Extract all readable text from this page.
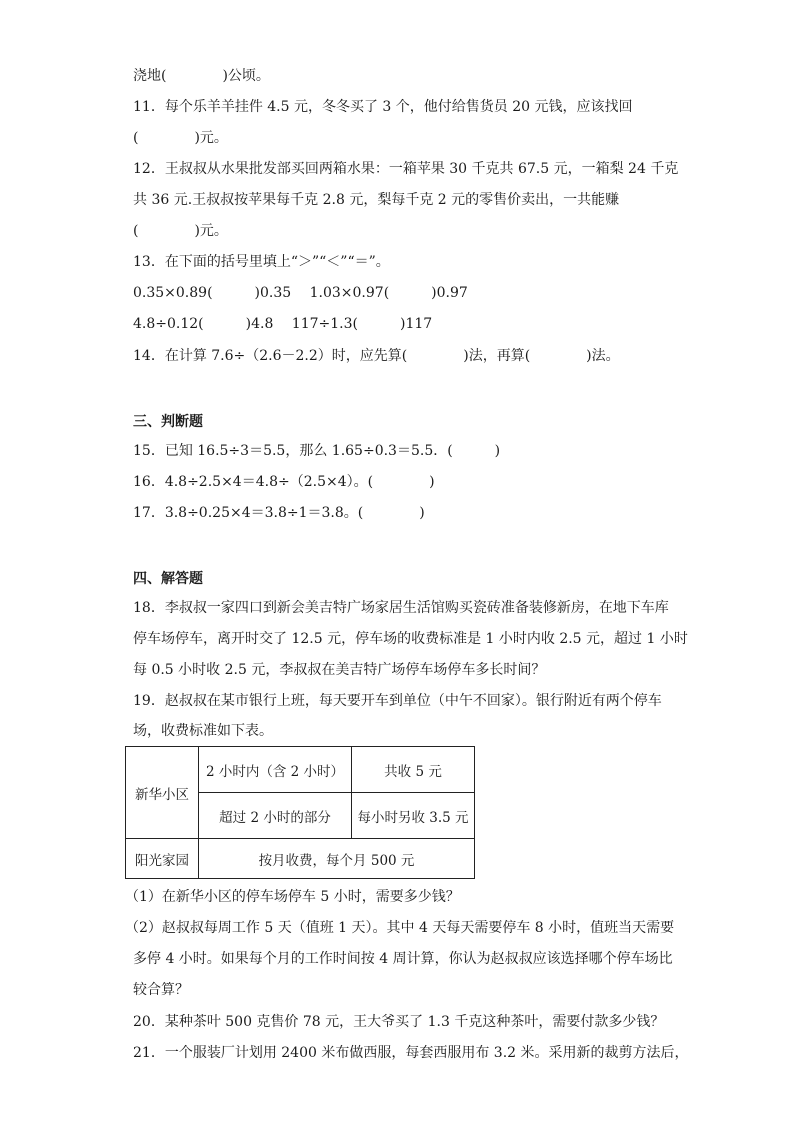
浇地(　　　　)公顷。
11．每个乐羊羊挂件 4.5 元，冬冬买了 3 个，他付给售货员 20 元钱，应该找回
(　　　　)元。
12．王叔叔从水果批发部买回两箱水果：一箱苹果 30 千克共 67.5 元，一箱梨 24 千克
共 36 元.王叔叔按苹果每千克 2.8 元，梨每千克 2 元的零售价卖出，一共能赚
(　　　　)元。
13．在下面的括号里填上“＞”“＜”“＝”。
0.35×0.89(　　　)0.35　 1.03×0.97(　　　)0.97
4.8÷0.12(　　　)4.8　 117÷1.3(　　　)117
14．在计算 7.6÷（2.6－2.2）时，应先算(　　　　)法，再算(　　　　)法。
三、判断题
15．已知 16.5÷3＝5.5，那么 1.65÷0.3＝5.5．(　　　)
16．4.8÷2.5×4＝4.8÷（2.5×4）。(　　　　)
17．3.8÷0.25×4＝3.8÷1＝3.8。(　　　　)
四、解答题
18．李叔叔一家四口到新会美吉特广场家居生活馆购买瓷砖准备装修新房，在地下车库
停车场停车，离开时交了 12.5 元，停车场的收费标准是 1 小时内收 2.5 元，超过 1 小时
每 0.5 小时收 2.5 元，李叔叔在美吉特广场停车场停车多长时间？
19．赵叔叔在某市银行上班，每天要开车到单位（中午不回家）。银行附近有两个停车
场，收费标准如下表。
新华小区	2 小时内（含 2 小时）	共收 5 元
	超过 2 小时的部分	每小时另收 3.5 元
阳光家园	按月收费，每个月 500 元	
（1）在新华小区的停车场停车 5 小时，需要多少钱？
（2）赵叔叔每周工作 5 天（值班 1 天）。其中 4 天每天需要停车 8 小时，值班当天需要
多停 4 小时。如果每个月的工作时间按 4 周计算，你认为赵叔叔应该选择哪个停车场比
较合算？
20．某种茶叶 500 克售价 78 元，王大爷买了 1.3 千克这种茶叶，需要付款多少钱？
21．一个服装厂计划用 2400 米布做西服，每套西服用布 3.2 米。采用新的裁剪方法后，
